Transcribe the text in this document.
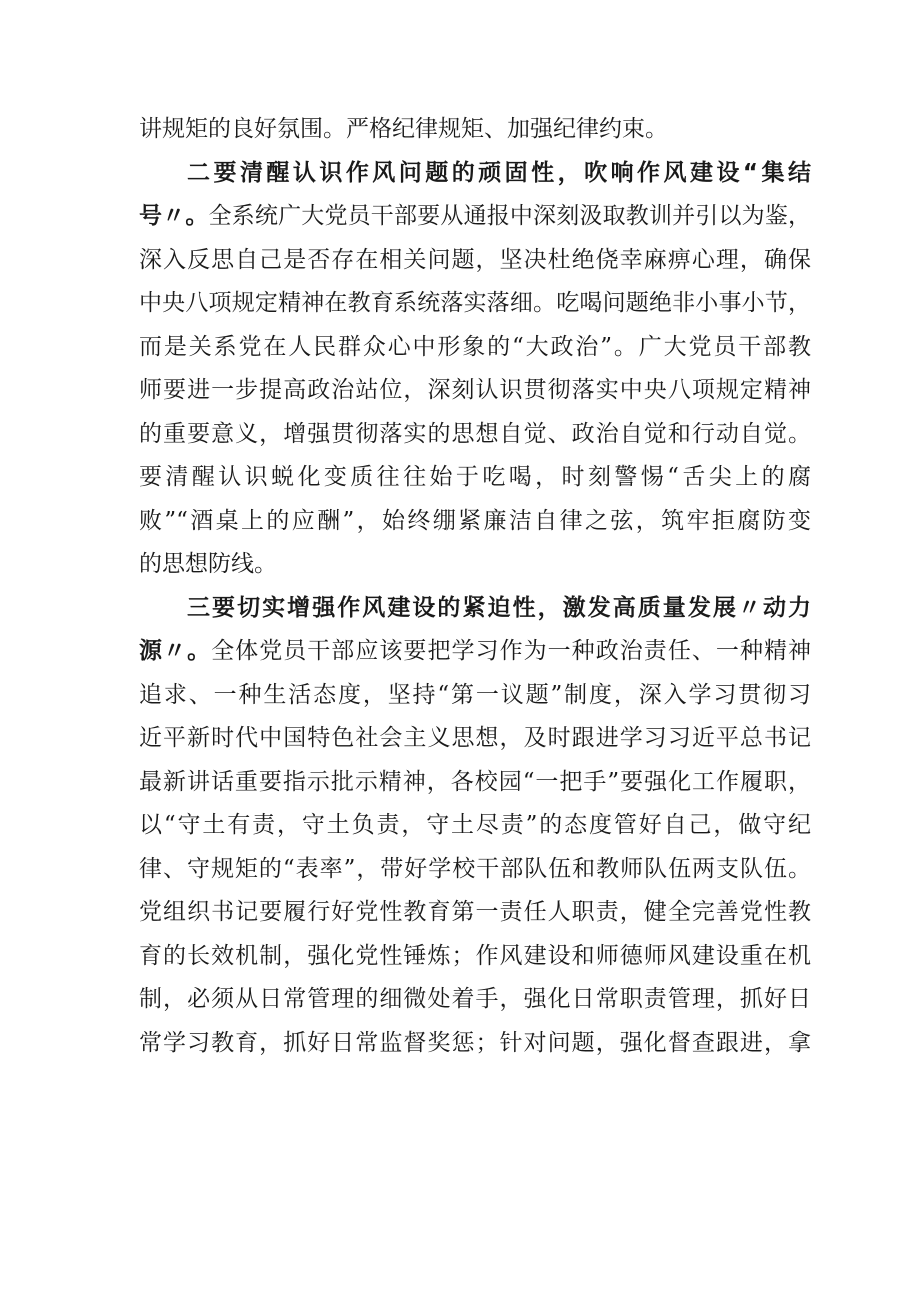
讲规矩的良好氛围。严格纪律规矩、加强纪律约束。
二要清醒认识作风问题的顽固性，吹响作风建设“集结
号〃。全系统广大党员干部要从通报中深刻汲取教训并引以为鉴，
深入反思自己是否存在相关问题，坚决杜绝侥幸麻痹心理，确保
中央八项规定精神在教育系统落实落细。吃喝问题绝非小事小节，
而是关系党在人民群众心中形象的“大政治”。广大党员干部教
师要进一步提高政治站位，深刻认识贯彻落实中央八项规定精神
的重要意义，增强贯彻落实的思想自觉、政治自觉和行动自觉。
要清醒认识蜕化变质往往始于吃喝，时刻警惕“舌尖上的腐
败”“酒桌上的应酬”，始终绷紧廉洁自律之弦，筑牢拒腐防变
的思想防线。
三要切实增强作风建设的紧迫性，激发高质量发展〃动力
源〃。全体党员干部应该要把学习作为一种政治责任、一种精神
追求、一种生活态度，坚持“第一议题”制度，深入学习贯彻习
近平新时代中国特色社会主义思想，及时跟进学习习近平总书记
最新讲话重要指示批示精神，各校园“一把手”要强化工作履职，
以“守土有责，守土负责，守土尽责”的态度管好自己，做守纪
律、守规矩的“表率”，带好学校干部队伍和教师队伍两支队伍。
党组织书记要履行好党性教育第一责任人职责，健全完善党性教
育的长效机制，强化党性锤炼；作风建设和师德师风建设重在机
制，必须从日常管理的细微处着手，强化日常职责管理，抓好日
常学习教育，抓好日常监督奖惩；针对问题，强化督查跟进，拿
